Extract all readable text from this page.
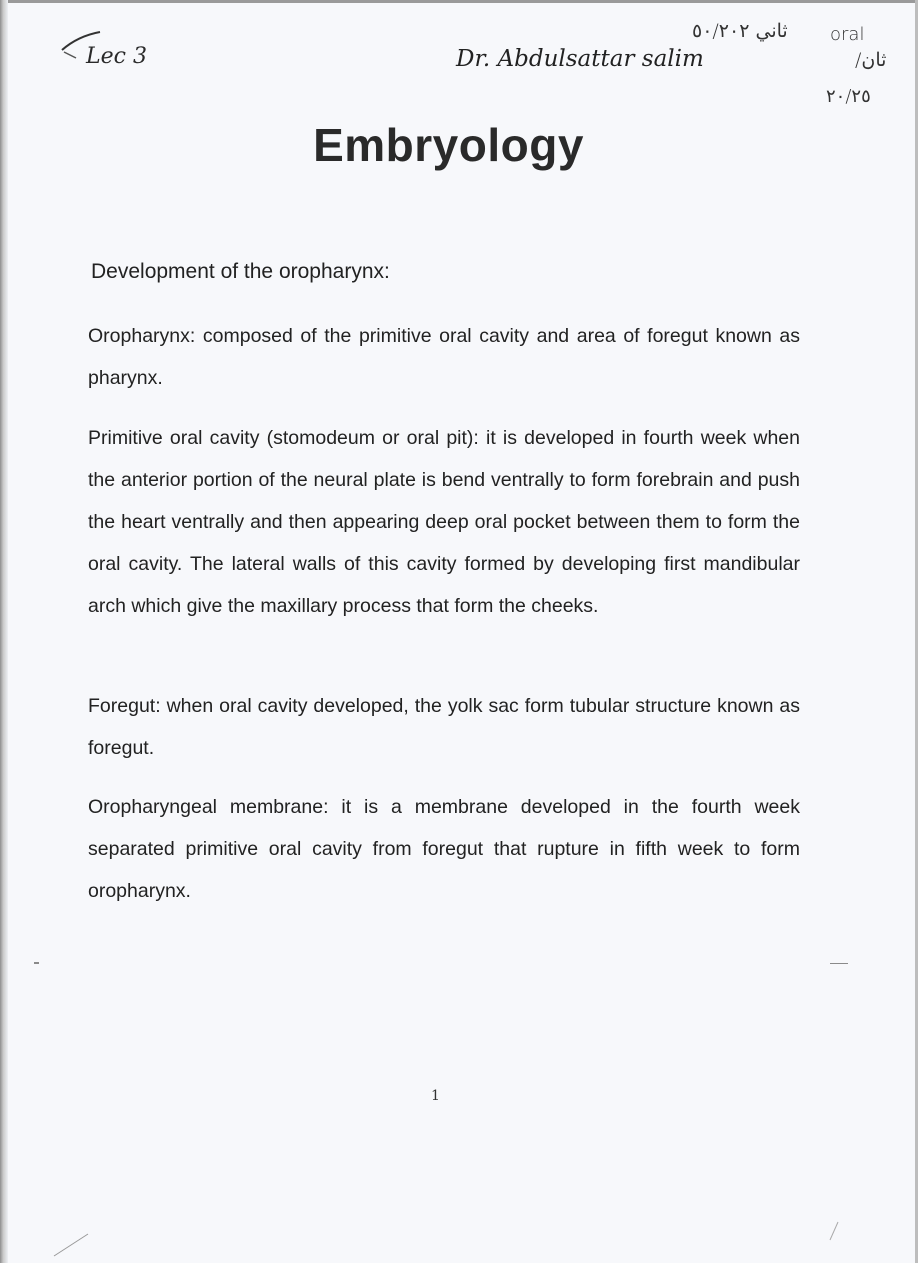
Lec 3	Dr. Abdulsattar salim
ثاني ٥٠/٢٠٢ oral
/ثان
٢٠/٢٥
Embryology
Development of the oropharynx:
Oropharynx: composed of the primitive oral cavity and area of foregut known as pharynx.
Primitive oral cavity (stomodeum or oral pit): it is developed in fourth week when the anterior portion of the neural plate is bend ventrally to form forebrain and push the heart ventrally and then appearing deep oral pocket between them to form the oral cavity. The lateral walls of this cavity formed by developing first mandibular arch which give the maxillary process that form the cheeks.
Foregut: when oral cavity developed, the yolk sac form tubular structure known as foregut.
Oropharyngeal membrane: it is a membrane developed in the fourth week separated primitive oral cavity from foregut that rupture in fifth week to form oropharynx.
1
